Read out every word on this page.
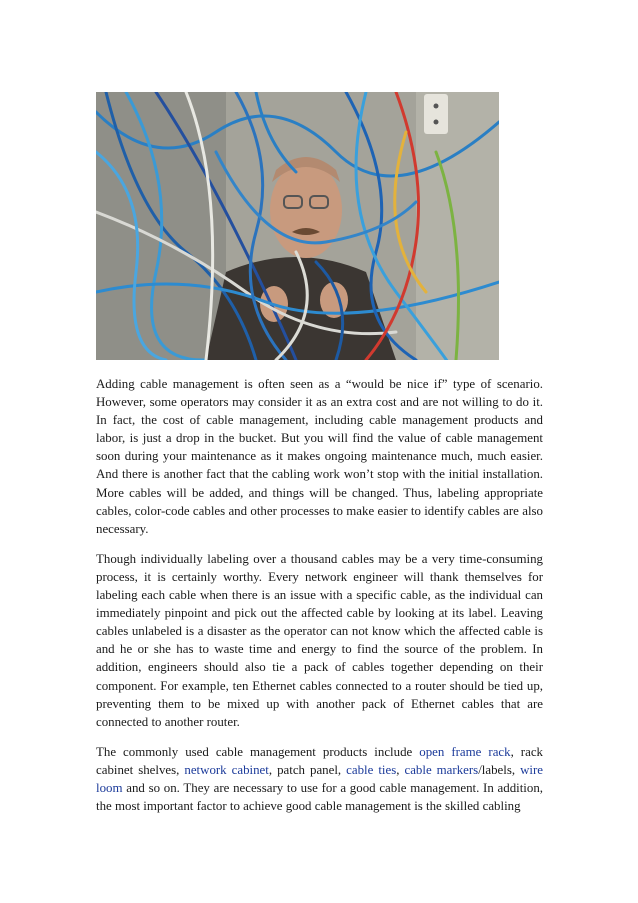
Adding cable management is often seen as a “would be nice if” type of scenario. However, some operators may consider it as an extra cost and are not willing to do it. In fact, the cost of cable management, including cable management products and labor, is just a drop in the bucket. But you will find the value of cable management soon during your maintenance as it makes ongoing maintenance much, much easier. And there is another fact that the cabling work won’t stop with the initial installation. More cables will be added, and things will be changed. Thus, labeling appropriate cables, color-code cables and other processes to make easier to identify cables are also necessary.

Though individually labeling over a thousand cables may be a very time-consuming process, it is certainly worthy. Every network engineer will thank themselves for labeling each cable when there is an issue with a specific cable, as the individual can immediately pinpoint and pick out the affected cable by looking at its label. Leaving cables unlabeled is a disaster as the operator can not know which the affected cable is and he or she has to waste time and energy to find the source of the problem. In addition, engineers should also tie a pack of cables together depending on their component. For example, ten Ethernet cables connected to a router should be tied up, preventing them to be mixed up with another pack of Ethernet cables that are connected to another router.

The commonly used cable management products include open frame rack, rack cabinet shelves, network cabinet, patch panel, cable ties, cable markers/labels, wire loom and so on. They are necessary to use for a good cable management. In addition, the most important factor to achieve good cable management is the skilled cabling
